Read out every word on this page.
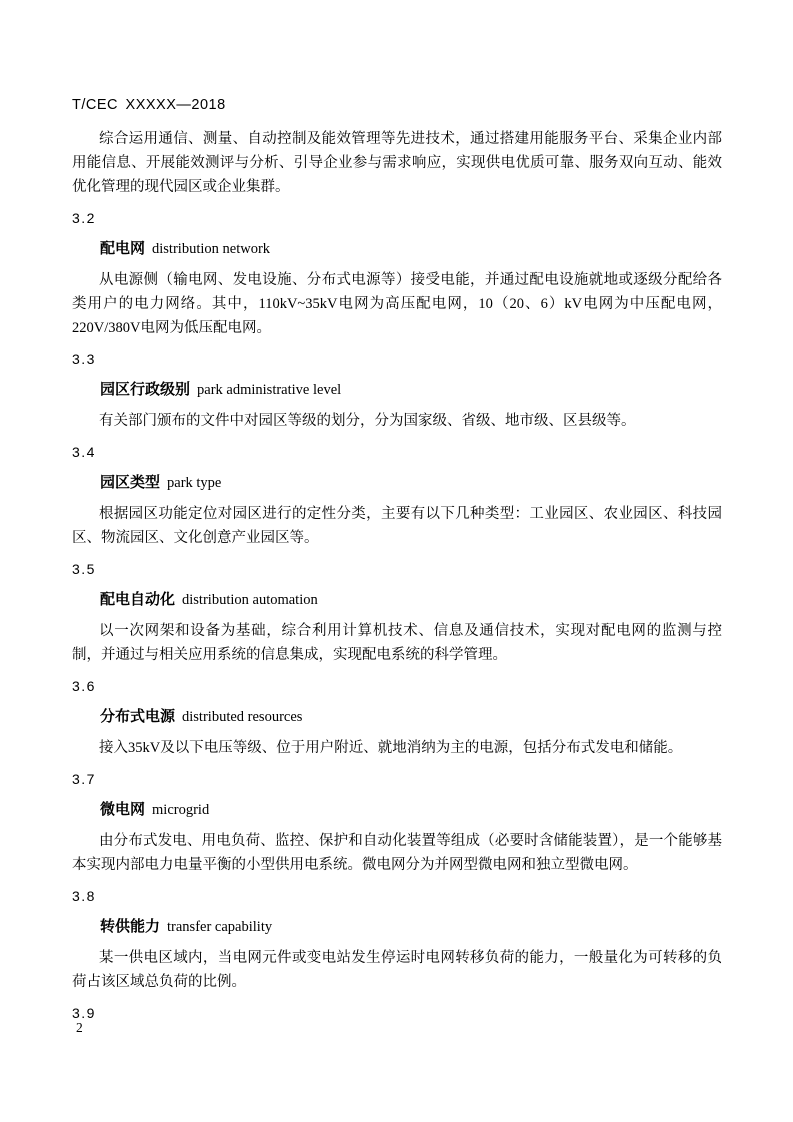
T/CEC XXXXX—2018

综合运用通信、测量、自动控制及能效管理等先进技术，通过搭建用能服务平台、采集企业内部用能信息、开展能效测评与分析、引导企业参与需求响应，实现供电优质可靠、服务双向互动、能效优化管理的现代园区或企业集群。

3.2
配电网 distribution network

从电源侧（输电网、发电设施、分布式电源等）接受电能，并通过配电设施就地或逐级分配给各类用户的电力网络。其中，110kV~35kV电网为高压配电网，10（20、6）kV电网为中压配电网，220V/380V电网为低压配电网。

3.3
园区行政级别 park administrative level

有关部门颁布的文件中对园区等级的划分，分为国家级、省级、地市级、区县级等。

3.4
园区类型 park type

根据园区功能定位对园区进行的定性分类，主要有以下几种类型：工业园区、农业园区、科技园区、物流园区、文化创意产业园区等。

3.5
配电自动化 distribution automation

以一次网架和设备为基础，综合利用计算机技术、信息及通信技术，实现对配电网的监测与控制，并通过与相关应用系统的信息集成，实现配电系统的科学管理。

3.6
分布式电源 distributed resources

接入35kV及以下电压等级、位于用户附近、就地消纳为主的电源，包括分布式发电和储能。

3.7
微电网 microgrid

由分布式发电、用电负荷、监控、保护和自动化装置等组成（必要时含储能装置），是一个能够基本实现内部电力电量平衡的小型供用电系统。微电网分为并网型微电网和独立型微电网。

3.8
转供能力 transfer capability

某一供电区域内，当电网元件或变电站发生停运时电网转移负荷的能力，一般量化为可转移的负荷占该区域总负荷的比例。

3.9
2
